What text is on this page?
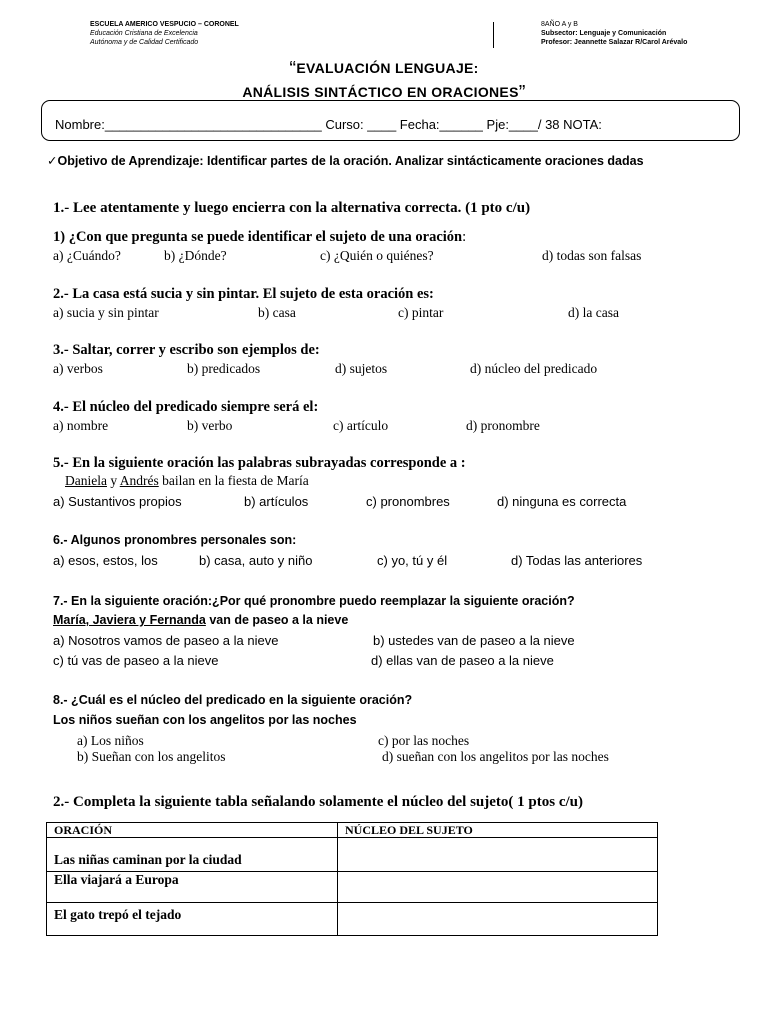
ESCUELA AMERICO VESPUCIO – CORONEL
Educación Cristiana de Excelencia
Autónoma y de Calidad Certificado
8AÑO A y B
Subsector: Lenguaje y Comunicación
Profesor: Jeannette Salazar R/Carol Arévalo
“EVALUACIÓN LENGUAJE:
ANÁLISIS SINTÁCTICO EN ORACIONES”
Nombre:______________________________ Curso: ____ Fecha:______ Pje:____/ 38 NOTA:
✓Objetivo de Aprendizaje: Identificar partes de la oración. Analizar sintácticamente oraciones dadas
1.- Lee atentamente y luego encierra con la alternativa correcta. (1 pto c/u)
1) ¿Con que pregunta se puede identificar el sujeto de una oración:
a) ¿Cuándo?	b) ¿Dónde?	c) ¿Quién o quiénes?	d) todas son falsas
2.- La casa está sucia y sin pintar. El sujeto de esta oración es:
a) sucia y sin pintar	b) casa	c) pintar	d) la casa
3.- Saltar, correr y escribo son ejemplos de:
a) verbos	b) predicados	d) sujetos	d) núcleo del predicado
4.- El núcleo del predicado siempre será el:
a) nombre	b) verbo	c) artículo	d) pronombre
5.- En la siguiente oración las palabras subrayadas corresponde a :
Daniela y Andrés bailan en la fiesta de María
a) Sustantivos propios	b) artículos	c) pronombres	d) ninguna es correcta
6.- Algunos pronombres personales son:
a) esos, estos, los	b) casa, auto y niño	c) yo, tú y él	d) Todas las anteriores
7.- En la siguiente oración:¿Por qué pronombre puedo reemplazar la siguiente oración?
María, Javiera y Fernanda van de paseo a la nieve
a) Nosotros vamos de paseo a la nieve	b) ustedes van de paseo a la nieve
c) tú vas de paseo a la nieve	d) ellas van de paseo a la nieve
8.- ¿Cuál es el núcleo del predicado en la siguiente oración?
Los niños sueñan con los angelitos por las noches
a) Los niños
b) Sueñan con los angelitos
c) por las noches
d) sueñan con los angelitos por las noches
2.- Completa la siguiente tabla señalando solamente el núcleo del sujeto( 1 ptos c/u)
ORACIÓN	NÚCLEO DEL SUJETO
Las niñas caminan por la ciudad	
Ella viajará a Europa	
El gato trepó el tejado	
